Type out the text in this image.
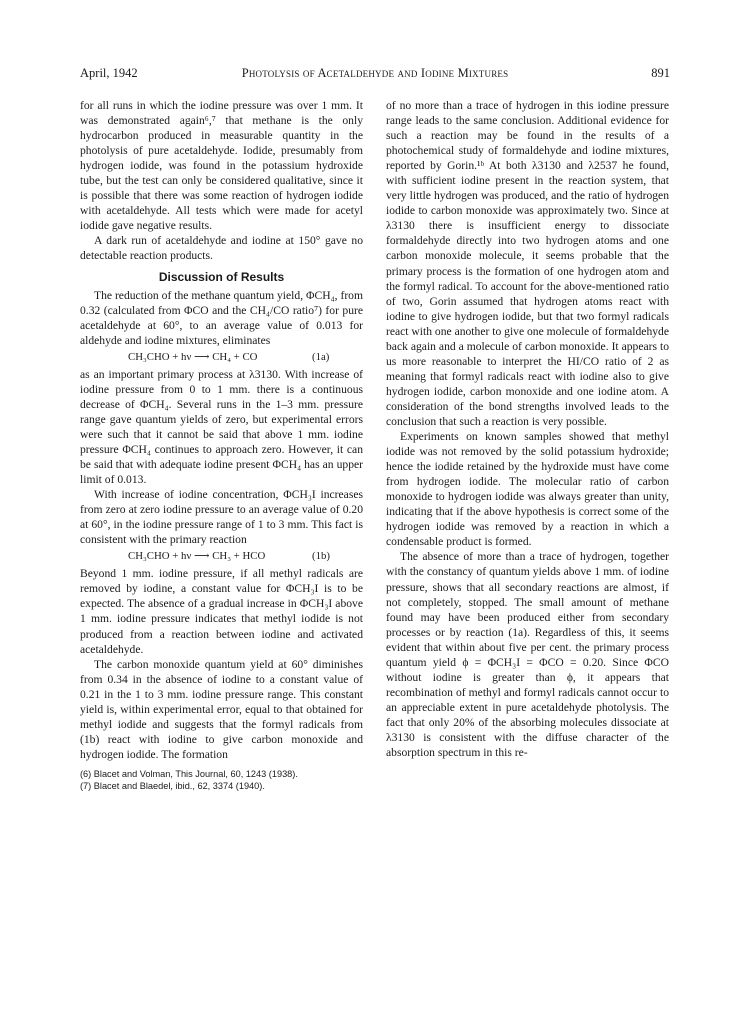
April, 1942	Photolysis of Acetaldehyde and Iodine Mixtures	891

for all runs in which the iodine pressure was over 1 mm. It was demonstrated again⁶,⁷ that methane is the only hydrocarbon produced in measurable quantity in the photolysis of pure acetaldehyde. Iodide, presumably from hydrogen iodide, was found in the potassium hydroxide tube, but the test can only be considered qualitative, since it is possible that there was some reaction of hydrogen iodide with acetaldehyde. All tests which were made for acetyl iodide gave negative results.

A dark run of acetaldehyde and iodine at 150° gave no detectable reaction products.

Discussion of Results

The reduction of the methane quantum yield, ΦCH₄, from 0.32 (calculated from ΦCO and the CH₄/CO ratio⁷) for pure acetaldehyde at 60°, to an average value of 0.013 for aldehyde and iodine mixtures, eliminates

CH₃CHO + hν ⟶ CH₄ + CO	(1a)

as an important primary process at λ3130. With increase of iodine pressure from 0 to 1 mm. there is a continuous decrease of ΦCH₄. Several runs in the 1–3 mm. pressure range gave quantum yields of zero, but experimental errors were such that it cannot be said that above 1 mm. iodine pressure ΦCH₄ continues to approach zero. However, it can be said that with adequate iodine present ΦCH₄ has an upper limit of 0.013.

With increase of iodine concentration, ΦCH₃I increases from zero at zero iodine pressure to an average value of 0.20 at 60°, in the iodine pressure range of 1 to 3 mm. This fact is consistent with the primary reaction

CH₃CHO + hν ⟶ CH₃ + HCO	(1b)

Beyond 1 mm. iodine pressure, if all methyl radicals are removed by iodine, a constant value for ΦCH₃I is to be expected. The absence of a gradual increase in ΦCH₃I above 1 mm. iodine pressure indicates that methyl iodide is not produced from a reaction between iodine and activated acetaldehyde.

The carbon monoxide quantum yield at 60° diminishes from 0.34 in the absence of iodine to a constant value of 0.21 in the 1 to 3 mm. iodine pressure range. This constant yield is, within experimental error, equal to that obtained for methyl iodide and suggests that the formyl radicals from (1b) react with iodine to give carbon monoxide and hydrogen iodide. The formation

(6) Blacet and Volman, This Journal, 60, 1243 (1938).
(7) Blacet and Blaedel, ibid., 62, 3374 (1940).

of no more than a trace of hydrogen in this iodine pressure range leads to the same conclusion. Additional evidence for such a reaction may be found in the results of a photochemical study of formaldehyde and iodine mixtures, reported by Gorin.¹ᵇ At both λ3130 and λ2537 he found, with sufficient iodine present in the reaction system, that very little hydrogen was produced, and the ratio of hydrogen iodide to carbon monoxide was approximately two. Since at λ3130 there is insufficient energy to dissociate formaldehyde directly into two hydrogen atoms and one carbon monoxide molecule, it seems probable that the primary process is the formation of one hydrogen atom and the formyl radical. To account for the above-mentioned ratio of two, Gorin assumed that hydrogen atoms react with iodine to give hydrogen iodide, but that two formyl radicals react with one another to give one molecule of formaldehyde back again and a molecule of carbon monoxide. It appears to us more reasonable to interpret the HI/CO ratio of 2 as meaning that formyl radicals react with iodine also to give hydrogen iodide, carbon monoxide and one iodine atom. A consideration of the bond strengths involved leads to the conclusion that such a reaction is very possible.

Experiments on known samples showed that methyl iodide was not removed by the solid potassium hydroxide; hence the iodide retained by the hydroxide must have come from hydrogen iodide. The molecular ratio of carbon monoxide to hydrogen iodide was always greater than unity, indicating that if the above hypothesis is correct some of the hydrogen iodide was removed by a reaction in which a condensable product is formed.

The absence of more than a trace of hydrogen, together with the constancy of quantum yields above 1 mm. of iodine pressure, shows that all secondary reactions are almost, if not completely, stopped. The small amount of methane found may have been produced either from secondary processes or by reaction (1a). Regardless of this, it seems evident that within about five per cent. the primary process quantum yield ϕ = ΦCH₃I = ΦCO = 0.20. Since ΦCO without iodine is greater than ϕ, it appears that recombination of methyl and formyl radicals cannot occur to an appreciable extent in pure acetaldehyde photolysis. The fact that only 20% of the absorbing molecules dissociate at λ3130 is consistent with the diffuse character of the absorption spectrum in this re-
